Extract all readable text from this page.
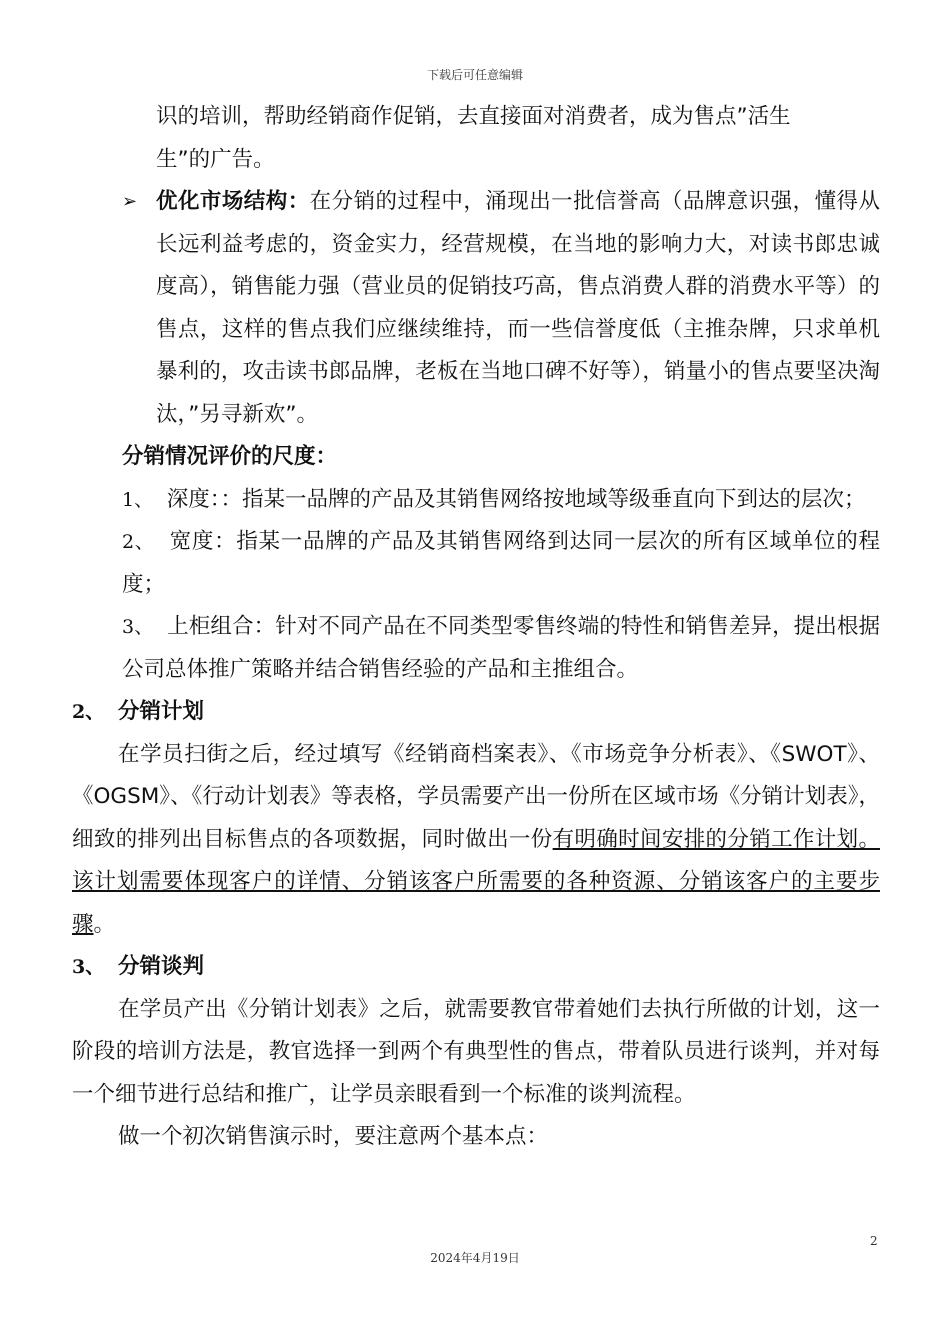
下载后可任意编辑

识的培训，帮助经销商作促销，去直接面对消费者，成为售点”活生

生”的广告。

➢ 优化市场结构：在分销的过程中，涌现出一批信誉高（品牌意识强，懂得从长远利益考虑的，资金实力，经营规模，在当地的影响力大，对读书郎忠诚度高），销售能力强（营业员的促销技巧高，售点消费人群的消费水平等）的售点，这样的售点我们应继续维持，而一些信誉度低（主推杂牌，只求单机暴利的，攻击读书郎品牌，老板在当地口碑不好等），销量小的售点要坚决淘汰，”另寻新欢”。

分销情况评价的尺度：

1、 深度：：指某一品牌的产品及其销售网络按地域等级垂直向下到达的层次；

2、 宽度：指某一品牌的产品及其销售网络到达同一层次的所有区域单位的程度；

3、 上柜组合：针对不同产品在不同类型零售终端的特性和销售差异，提出根据公司总体推广策略并结合销售经验的产品和主推组合。

2、 分销计划

在学员扫街之后，经过填写《经销商档案表》、《市场竞争分析表》、《SWOT》、《OGSM》、《行动计划表》等表格，学员需要产出一份所在区域市场《分销计划表》，细致的排列出目标售点的各项数据，同时做出一份有明确时间安排的分销工作计划。该计划需要体现客户的详情、分销该客户所需要的各种资源、分销该客户的主要步骤。

3、 分销谈判

在学员产出《分销计划表》之后，就需要教官带着她们去执行所做的计划，这一阶段的培训方法是，教官选择一到两个有典型性的售点，带着队员进行谈判，并对每一个细节进行总结和推广，让学员亲眼看到一个标准的谈判流程。

做一个初次销售演示时，要注意两个基本点：

2
2024年4月19日
